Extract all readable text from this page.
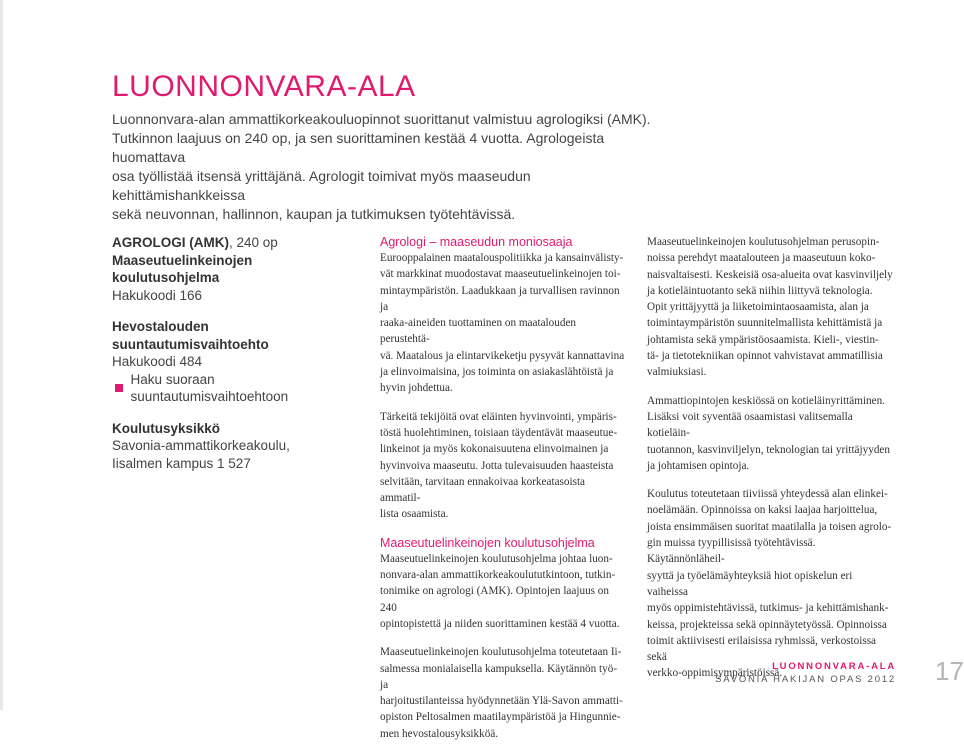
LUONNONVARA-ALA

Luonnonvara-alan ammattikorkeakouluopinnot suorittanut valmistuu agrologiksi (AMK).
Tutkinnon laajuus on 240 op, ja sen suorittaminen kestää 4 vuotta. Agrologeista huomattava
osa työllistää itsensä yrittäjänä. Agrologit toimivat myös maaseudun kehittämishankkeissa
sekä neuvonnan, hallinnon, kaupan ja tutkimuksen työtehtävissä.

AGROLOGI (AMK), 240 op
Maaseutuelinkeinojen koulutusohjelma
Hakukoodi 166
Hevostalouden suuntautumisvaihtoehto
Hakukoodi 484
Haku suoraan suuntautumisvaihtoehtoon
Koulutusyksikkö
Savonia-ammattikorkeakoulu,
Iisalmen kampus 1 527
Agrologi – maaseudun moniosaaja

Eurooppalainen maatalouspolitiikka ja kansainvälisty-
vät markkinat muodostavat maaseutuelinkeinojen toi-
mintaympäristön. Laadukkaan ja turvallisen ravinnon ja
raaka-aineiden tuottaminen on maatalouden perustehtä-
vä. Maatalous ja elintarvikeketju pysyvät kannattavina
ja elinvoimaisina, jos toiminta on asiakaslähtöistä ja
hyvin johdettua.

Tärkeitä tekijöitä ovat eläinten hyvinvointi, ympäris-
töstä huolehtiminen, toisiaan täydentävät maaseutue-
linkeinot ja myös kokonaisuutena elinvoimainen ja
hyvinvoiva maaseutu. Jotta tulevaisuuden haasteista
selvitään, tarvitaan ennakoivaa korkeatasoista ammatil-
lista osaamista.

Maaseutuelinkeinojen koulutusohjelma

Maaseutuelinkeinojen koulutusohjelma johtaa luon-
nonvara-alan ammattikorkeakoulututkintoon, tutkin-
tonimike on agrologi (AMK). Opintojen laajuus on 240
opintopistettä ja niiden suorittaminen kestää 4 vuotta.

Maaseutuelinkeinojen koulutusohjelma toteutetaan Ii-
salmessa monialaisella kampuksella. Käytännön työ- ja
harjoitustilanteissa hyödynnetään Ylä-Savon ammatti-
opiston Peltosalmen maatilaympäristöä ja Hingunnie-
men hevostalousyksikköä.

Maaseutuelinkeinojen koulutusohjelman perusopin-
noissa perehdyt maatalouteen ja maaseutuun koko-
naisvaltaisesti. Keskeisiä osa-alueita ovat kasvinviljely
ja kotieläintuotanto sekä niihin liittyvä teknologia.
Opit yrittäjyyttä ja liiketoimintaosaamista, alan ja
toimintaympäristön suunnitelmallista kehittämistä ja
johtamista sekä ympäristöosaamista. Kieli-, viestin-
tä- ja tietotekniikan opinnot vahvistavat ammatillisia
valmiuksiasi.

Ammattiopintojen keskiössä on kotieläinyrittäminen.
Lisäksi voit syventää osaamistasi valitsemalla kotieläin-
tuotannon, kasvinviljelyn, teknologian tai yrittäjyyden
ja johtamisen opintoja.

Koulutus toteutetaan tiiviissä yhteydessä alan elinkei-
noelämään. Opinnoissa on kaksi laajaa harjoittelua,
joista ensimmäisen suoritat maatilalla ja toisen agrolo-
gin muissa tyypillisissä työtehtävissä. Käytännönläheil-
syyttä ja työelämäyhteyksiä hiot opiskelun eri vaiheissa
myös oppimistehtävissä, tutkimus- ja kehittämishank-
keissa, projekteissa sekä opinnäytetyössä. Opinnoissa
toimit aktiivisesti erilaisissa ryhmissä, verkostoissa sekä
verkko-oppimisympäristöissä.

LUONNONVARA-ALA
SAVONIA HAKIJAN OPAS 2012 17
